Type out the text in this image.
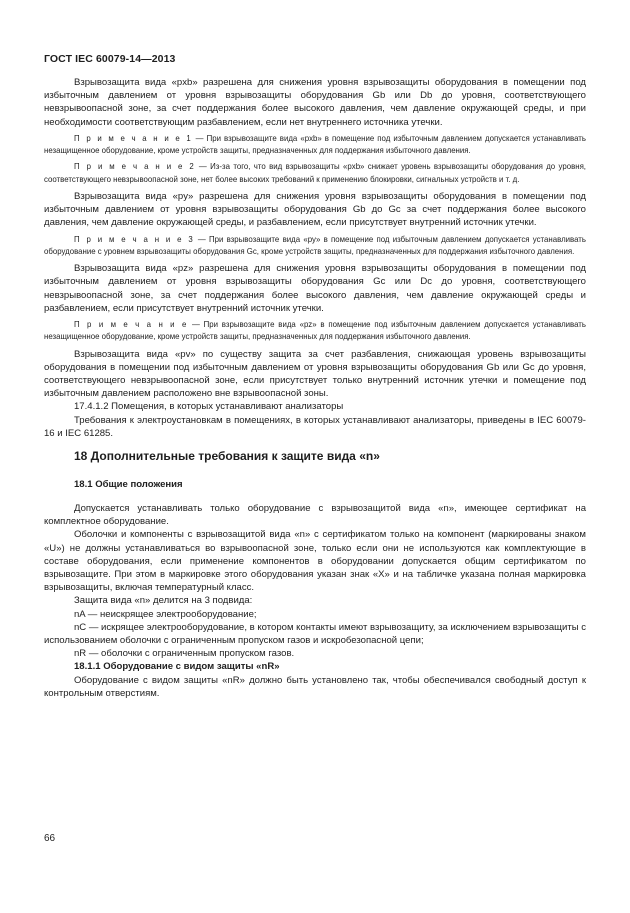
ГОСТ IEC 60079-14—2013

Взрывозащита вида «pxb» разрешена для снижения уровня взрывозащиты оборудования в помещении под избыточным давлением от уровня взрывозащиты оборудования Gb или Db до уровня, соответствующего невзрывоопасной зоне, за счет поддержания более высокого давления, чем давление окружающей среды, и при необходимости соответствующим разбавлением, если нет внутреннего источника утечки.

П р и м е ч а н и е 1 — При взрывозащите вида «pxb» в помещение под избыточным давлением допускается устанавливать незащищенное оборудование, кроме устройств защиты, предназначенных для поддержания избыточного давления.

П р и м е ч а н и е 2 — Из-за того, что вид взрывозащиты «pxb» снижает уровень взрывозащиты оборудования до уровня, соответствующего невзрывоопасной зоне, нет более высоких требований к применению блокировки, сигнальных устройств и т. д.

Взрывозащита вида «py» разрешена для снижения уровня взрывозащиты оборудования в помещении под избыточным давлением от уровня взрывозащиты оборудования Gb до Gc за счет поддержания более высокого давления, чем давление окружающей среды, и разбавлением, если присутствует внутренний источник утечки.

П р и м е ч а н и е 3 — При взрывозащите вида «py» в помещение под избыточным давлением допускается устанавливать оборудование с уровнем взрывозащиты оборудования Gc, кроме устройств защиты, предназначенных для поддержания избыточного давления.

Взрывозащита вида «pz» разрешена для снижения уровня взрывозащиты оборудования в помещении под избыточным давлением от уровня взрывозащиты оборудования Gc или Dc до уровня, соответствующего невзрывоопасной зоне, за счет поддержания более высокого давления, чем давление окружающей среды и разбавлением, если присутствует внутренний источник утечки.

П р и м е ч а н и е — При взрывозащите вида «pz» в помещение под избыточным давлением допускается устанавливать незащищенное оборудование, кроме устройств защиты, предназначенных для поддержания избыточного давления.

Взрывозащита вида «pv» по существу защита за счет разбавления, снижающая уровень взрывозащиты оборудования в помещении под избыточным давлением от уровня взрывозащиты оборудования Gb или Gc до уровня, соответствующего невзрывоопасной зоне, если присутствует только внутренний источник утечки и помещение под избыточным давлением расположено вне взрывоопасной зоны.

17.4.1.2 Помещения, в которых устанавливают анализаторы

Требования к электроустановкам в помещениях, в которых устанавливают анализаторы, приведены в IEC 60079-16 и IEC 61285.

18 Дополнительные требования к защите вида «n»

18.1 Общие положения

Допускается устанавливать только оборудование с взрывозащитой вида «n», имеющее сертификат на комплектное оборудование.

Оболочки и компоненты с взрывозащитой вида «n» с сертификатом только на компонент (маркированы знаком «U») не должны устанавливаться во взрывоопасной зоне, только если они не используются как комплектующие в составе оборудования, если применение компонентов в оборудовании допускается общим сертификатом по взрывозащите. При этом в маркировке этого оборудования указан знак «X» и на табличке указана полная маркировка взрывозащиты, включая температурный класс.

Защита вида «n» делится на 3 подвида:

nA — неискрящее электрооборудование;

nC — искрящее электрооборудование, в котором контакты имеют взрывозащиту, за исключением взрывозащиты с использованием оболочки с ограниченным пропуском газов и искробезопасной цепи;

nR — оболочки с ограниченным пропуском газов.

18.1.1 Оборудование с видом защиты «nR»

Оборудование с видом защиты «nR» должно быть установлено так, чтобы обеспечивался свободный доступ к контрольным отверстиям.

66
